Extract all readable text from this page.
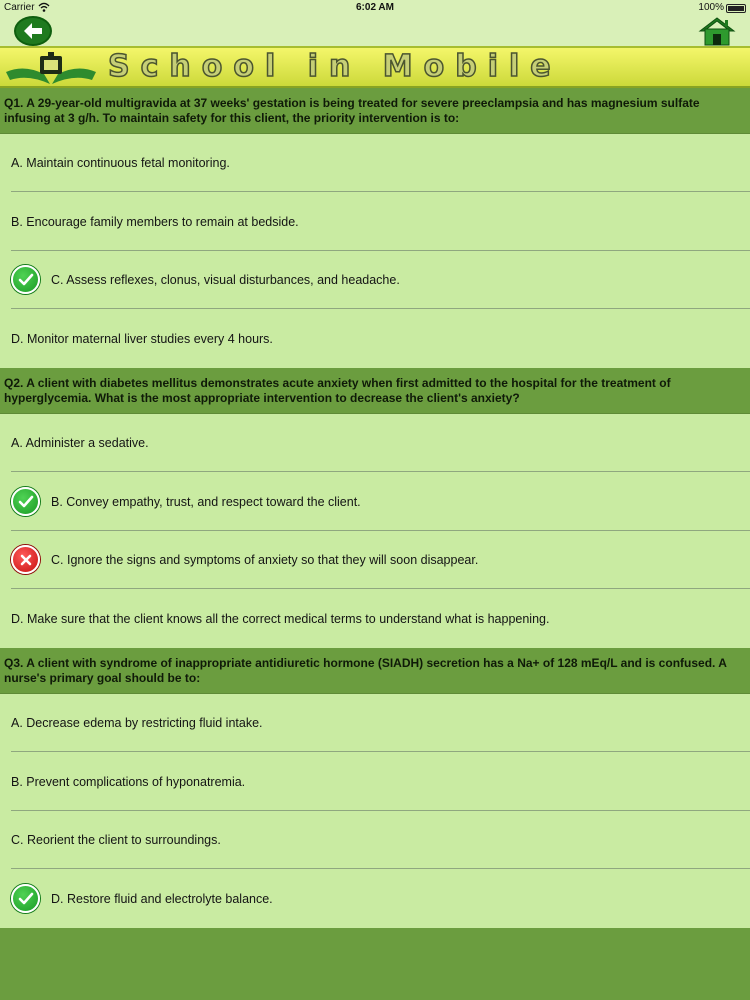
Carrier	6:02 AM	100%
School in Mobile
Q1. A 29-year-old multigravida at 37 weeks' gestation is being treated for severe preeclampsia and has magnesium sulfate infusing at 3 g/h. To maintain safety for this client, the priority intervention is to:
A. Maintain continuous fetal monitoring.
B. Encourage family members to remain at bedside.
C. Assess reflexes, clonus, visual disturbances, and headache.
D. Monitor maternal liver studies every 4 hours.
Q2. A client with diabetes mellitus demonstrates acute anxiety when first admitted to the hospital for the treatment of hyperglycemia. What is the most appropriate intervention to decrease the client's anxiety?
A. Administer a sedative.
B. Convey empathy, trust, and respect toward the client.
C. Ignore the signs and symptoms of anxiety so that they will soon disappear.
D. Make sure that the client knows all the correct medical terms to understand what is happening.
Q3. A client with syndrome of inappropriate antidiuretic hormone (SIADH) secretion has a Na+ of 128 mEq/L and is confused. A nurse's primary goal should be to:
A. Decrease edema by restricting fluid intake.
B. Prevent complications of hyponatremia.
C. Reorient the client to surroundings.
D. Restore fluid and electrolyte balance.
